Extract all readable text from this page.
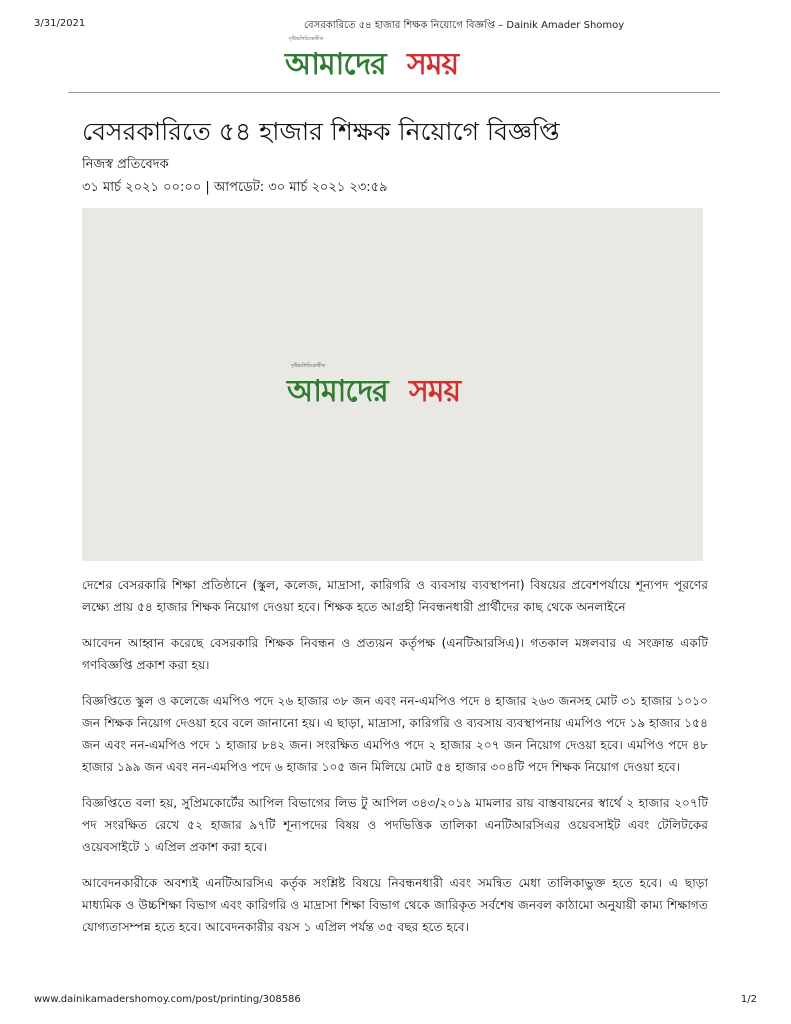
3/31/2021	বেসরকারিতে ৫৪ হাজার শিক্ষক নিয়োগে বিজ্ঞপ্তি – Dainik Amader Shomoy
দৃষ্টিভঙ্গিরিকেন্দ্রীক
আমাদের সময়
বেসরকারিতে ৫৪ হাজার শিক্ষক নিয়োগে বিজ্ঞপ্তি
নিজস্ব প্রতিবেদক
৩১ মার্চ ২০২১ ০০:০০ | আপডেট: ৩০ মার্চ ২০২১ ২৩:৫৯
দৃষ্টিভঙ্গিরিকেন্দ্রীক
আমাদের সময়

দেশের বেসরকারি শিক্ষা প্রতিষ্ঠানে (স্কুল, কলেজ, মাদ্রাসা, কারিগরি ও ব্যবসায় ব্যবস্থাপনা) বিষয়ের প্রবেশপর্যায়ে শূন্যপদ পূরণের লক্ষ্যে প্রায় ৫৪ হাজার শিক্ষক নিয়োগ দেওয়া হবে। শিক্ষক হতে আগ্রহী নিবন্ধনধারী প্রার্থীদের কাছ থেকে অনলাইনে

আবেদন আহ্বান করেছে বেসরকারি শিক্ষক নিবন্ধন ও প্রত্যয়ন কর্তৃপক্ষ (এনটিআরসিএ)। গতকাল মঙ্গলবার এ সংক্রান্ত একটি গণবিজ্ঞপ্তি প্রকাশ করা হয়।

বিজ্ঞপ্তিতে স্কুল ও কলেজে এমপিও পদে ২৬ হাজার ৩৮ জন এবং নন-এমপিও পদে ৪ হাজার ২৬৩ জনসহ মোট ৩১ হাজার ১০১০ জন শিক্ষক নিয়োগ দেওয়া হবে বলে জানানো হয়। এ ছাড়া, মাদ্রাসা, কারিগরি ও ব্যবসায় ব্যবস্থাপনায় এমপিও পদে ১৯ হাজার ১৫৪ জন এবং নন-এমপিও পদে ১ হাজার ৮৪২ জন। সংরক্ষিত এমপিও পদে ২ হাজার ২০৭ জন নিয়োগ দেওয়া হবে। এমপিও পদে ৪৮ হাজার ১৯৯ জন এবং নন-এমপিও পদে ৬ হাজার ১০৫ জন মিলিয়ে মোট ৫৪ হাজার ৩০৪টি পদে শিক্ষক নিয়োগ দেওয়া হবে।

বিজ্ঞপ্তিতে বলা হয়, সুপ্রিমকোর্টের আপিল বিভাগের লিভ টু আপিল ৩৪৩/২০১৯ মামলার রায় বাস্তবায়নের স্বার্থে ২ হাজার ২০৭টি পদ সংরক্ষিত রেখে ৫২ হাজার ৯৭টি শূন্যপদের বিষয় ও পদভিত্তিক তালিকা এনটিআরসিএর ওয়েবসাইট এবং টেলিটকের ওয়েবসাইটে ১ এপ্রিল প্রকাশ করা হবে।

আবেদনকারীকে অবশ্যই এনটিআরসিএ কর্তৃক সংশ্লিষ্ট বিষয়ে নিবন্ধনধারী এবং সমন্বিত মেধা তালিকাভুক্ত হতে হবে। এ ছাড়া মাধ্যমিক ও উচ্চশিক্ষা বিভাগ এবং কারিগরি ও মাদ্রাসা শিক্ষা বিভাগ থেকে জারিকৃত সর্বশেষ জনবল কাঠামো অনুযায়ী কাম্য শিক্ষাগত যোগ্যতাসম্পন্ন হতে হবে। আবেদনকারীর বয়স ১ এপ্রিল পর্যন্ত ৩৫ বছর হতে হবে।

www.dainikamadershomoy.com/post/printing/308586	1/2
